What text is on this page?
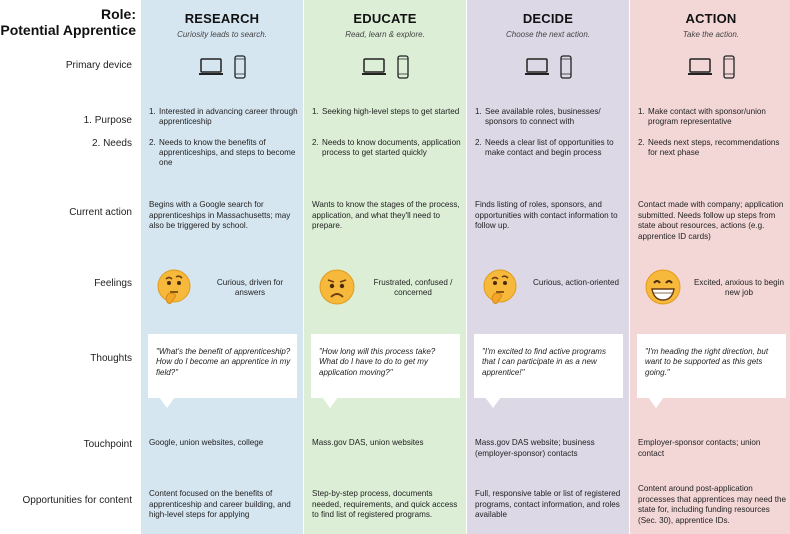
Role:
Potential Apprentice
Primary device
1. Purpose
2. Needs
Current action
Feelings
Thoughts
Touchpoint
Opportunities for content
RESEARCH
Curiosity leads to search.
1. Interested in advancing career through apprenticeship
2. Needs to know the benefits of apprenticeships, and steps to become one
Begins with a Google search for apprenticeships in Massachusetts; may also be triggered by school.
Curious, driven for answers
"What's the benefit of apprenticeship? How do I become an apprentice in my field?"
Google, union websites, college
Content focused on the benefits of apprenticeship and career building, and high-level steps for applying
EDUCATE
Read, learn & explore.
1. Seeking high-level steps to get started
2. Needs to know documents, application process to get started quickly
Wants to know the stages of the process, application, and what they'll need to prepare.
Frustrated, confused / concerned
"How long will this process take? What do I have to do to get my application moving?"
Mass.gov DAS, union websites
Step-by-step process, documents needed, requirements, and quick access to find list of registered programs.
DECIDE
Choose the next action.
1. See available roles, businesses/ sponsors to connect with
2. Needs a clear list of opportunities to make contact and begin process
Finds listing of roles, sponsors, and opportunities with contact information to follow up.
Curious, action-oriented
"I'm excited to find active programs that I can participate in as a new apprentice!"
Mass.gov DAS website; business (employer-sponsor) contacts
Full, responsive table or list of registered programs, contact information, and roles available
ACTION
Take the action.
1. Make contact with sponsor/union program representative
2. Needs next steps, recommendations for next phase
Contact made with company; application submitted. Needs follow up steps from state about resources, actions (e.g. apprentice ID cards)
Excited, anxious to begin new job
"I'm heading the right direction, but want to be supported as this gets going."
Employer-sponsor contacts; union contact
Content around post-application processes that apprentices may need the state for, including funding resources (Sec. 30), apprentice IDs.
